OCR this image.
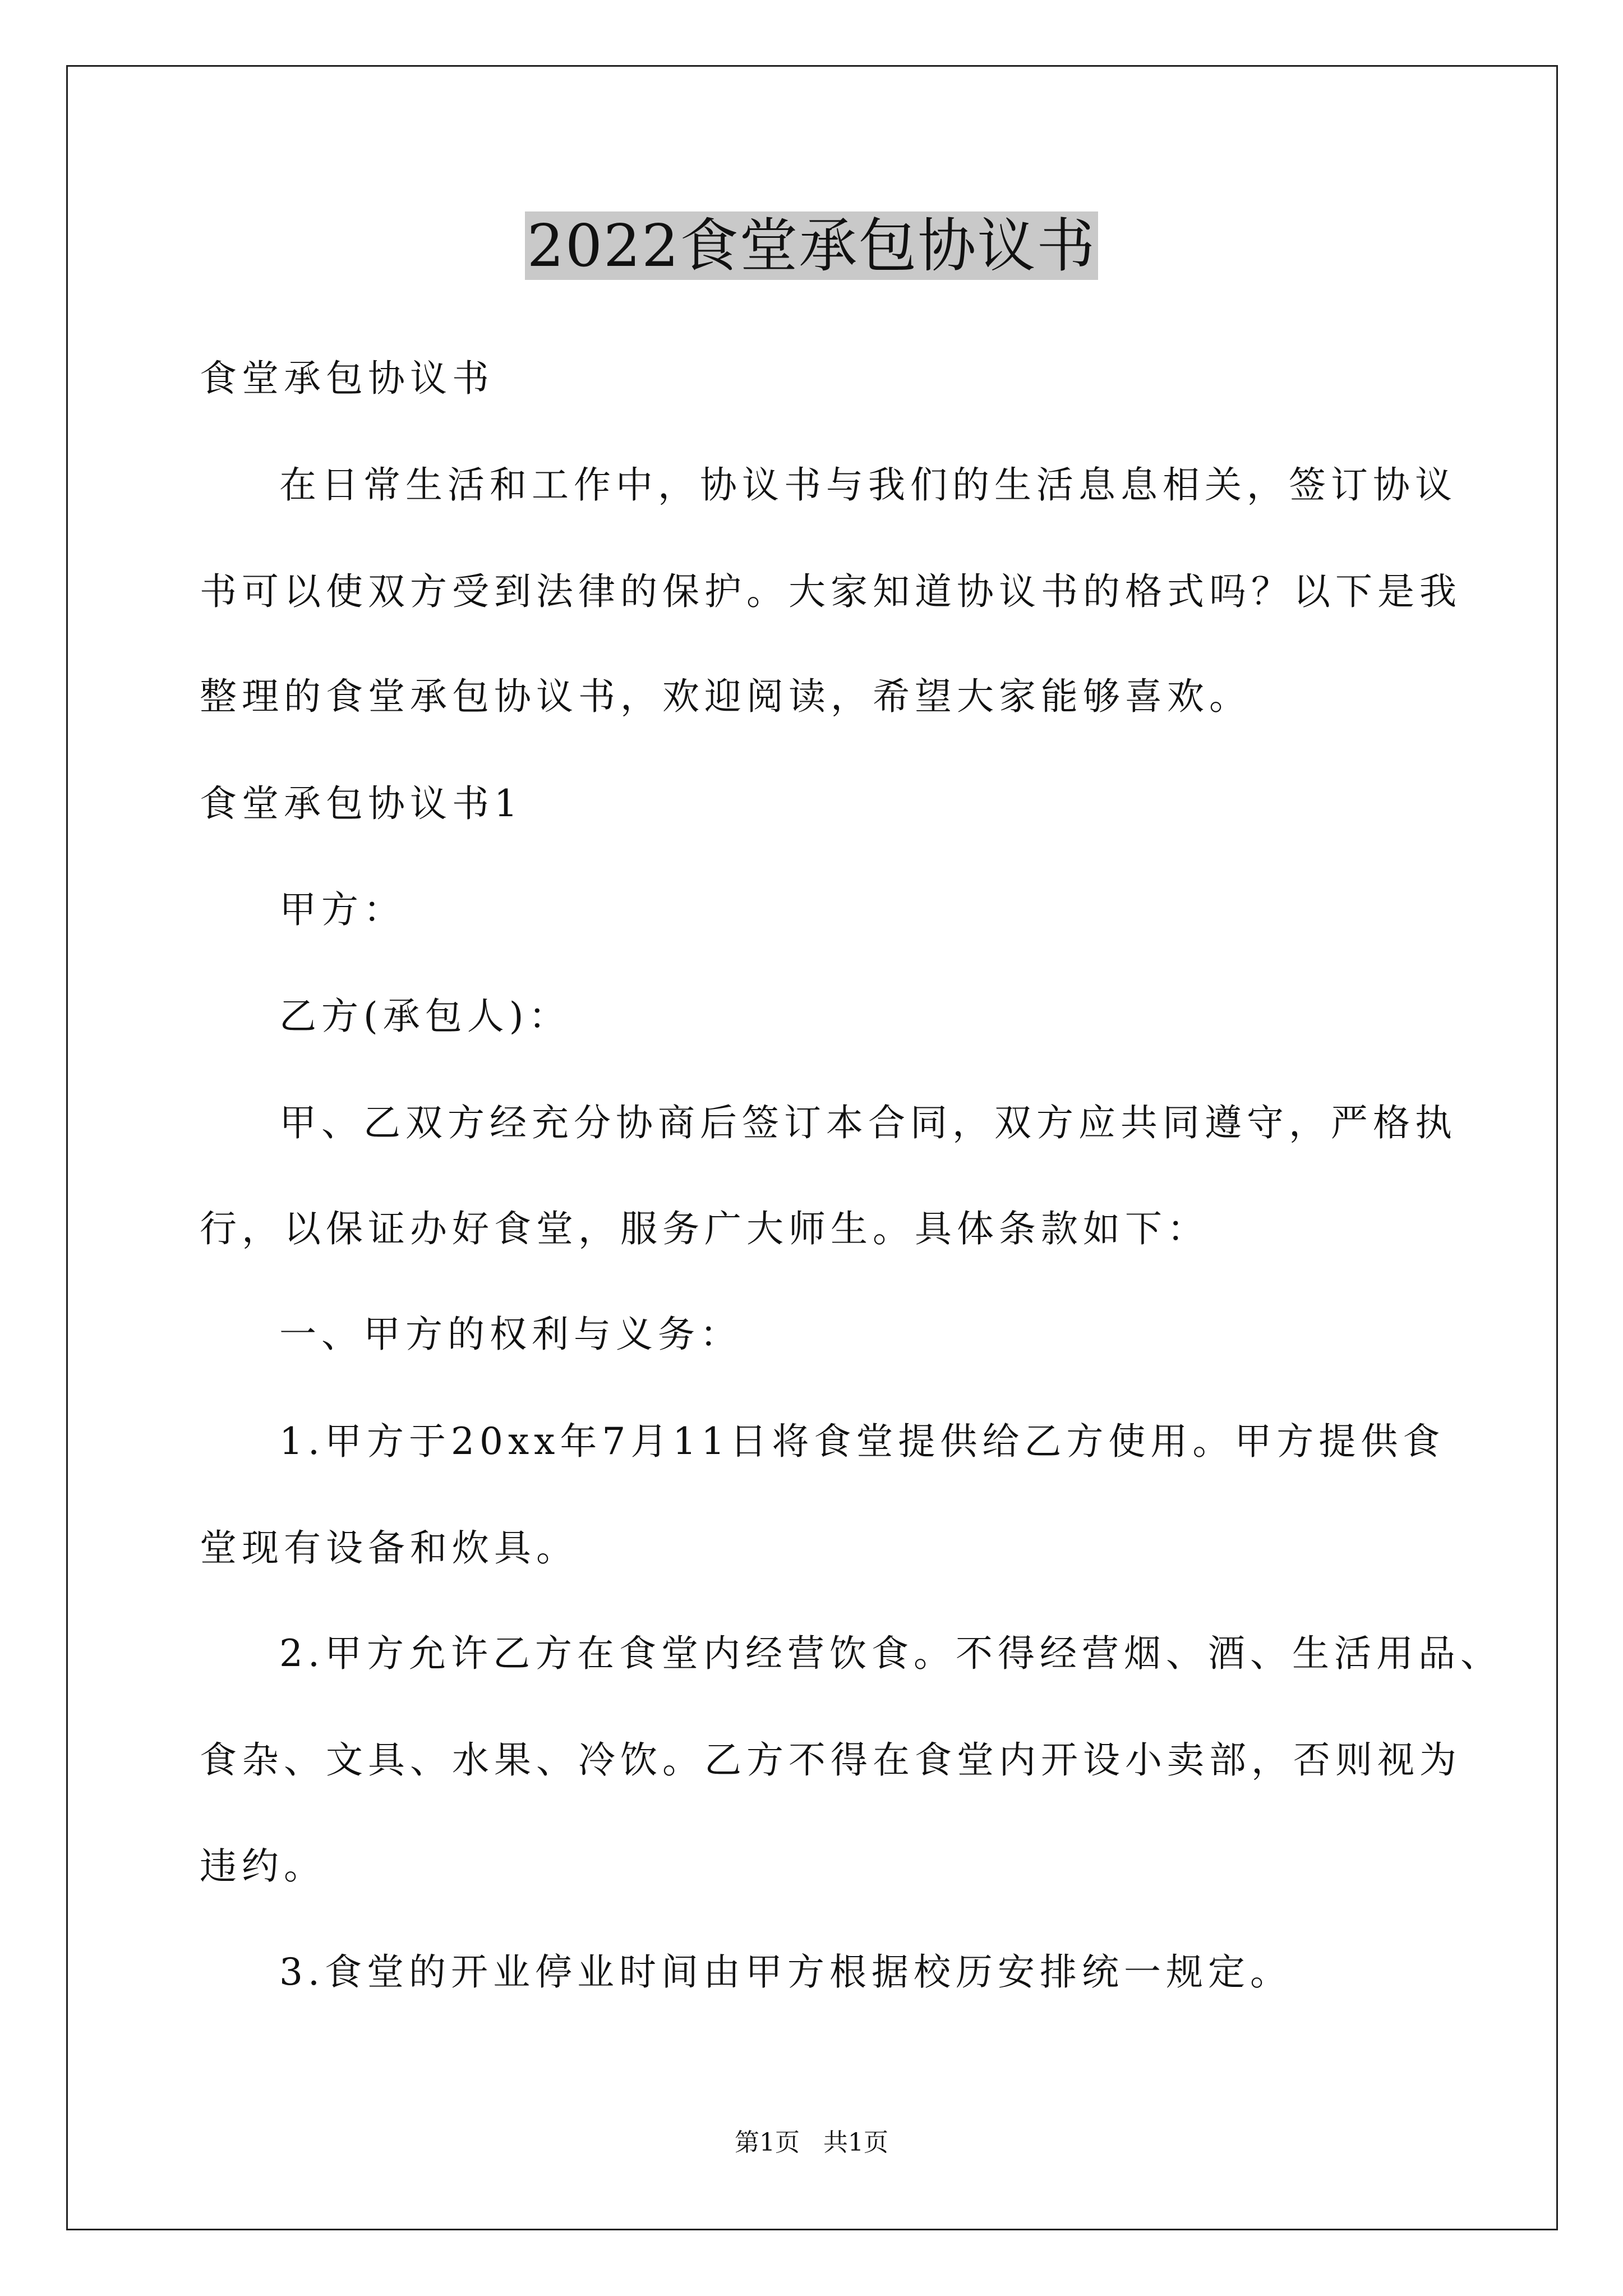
2022食堂承包协议书
食堂承包协议书
在日常生活和工作中，协议书与我们的生活息息相关，签订协议
书可以使双方受到法律的保护。大家知道协议书的格式吗？以下是我
整理的食堂承包协议书，欢迎阅读，希望大家能够喜欢。
食堂承包协议书1
甲方：
乙方(承包人)：
甲、乙双方经充分协商后签订本合同，双方应共同遵守，严格执
行，以保证办好食堂，服务广大师生。具体条款如下：
一、甲方的权利与义务：
1.甲方于20xx年7月11日将食堂提供给乙方使用。甲方提供食
堂现有设备和炊具。
2.甲方允许乙方在食堂内经营饮食。不得经营烟、酒、生活用品、
食杂、文具、水果、冷饮。乙方不得在食堂内开设小卖部，否则视为
违约。
3.食堂的开业停业时间由甲方根据校历安排统一规定。
第1页   共1页
